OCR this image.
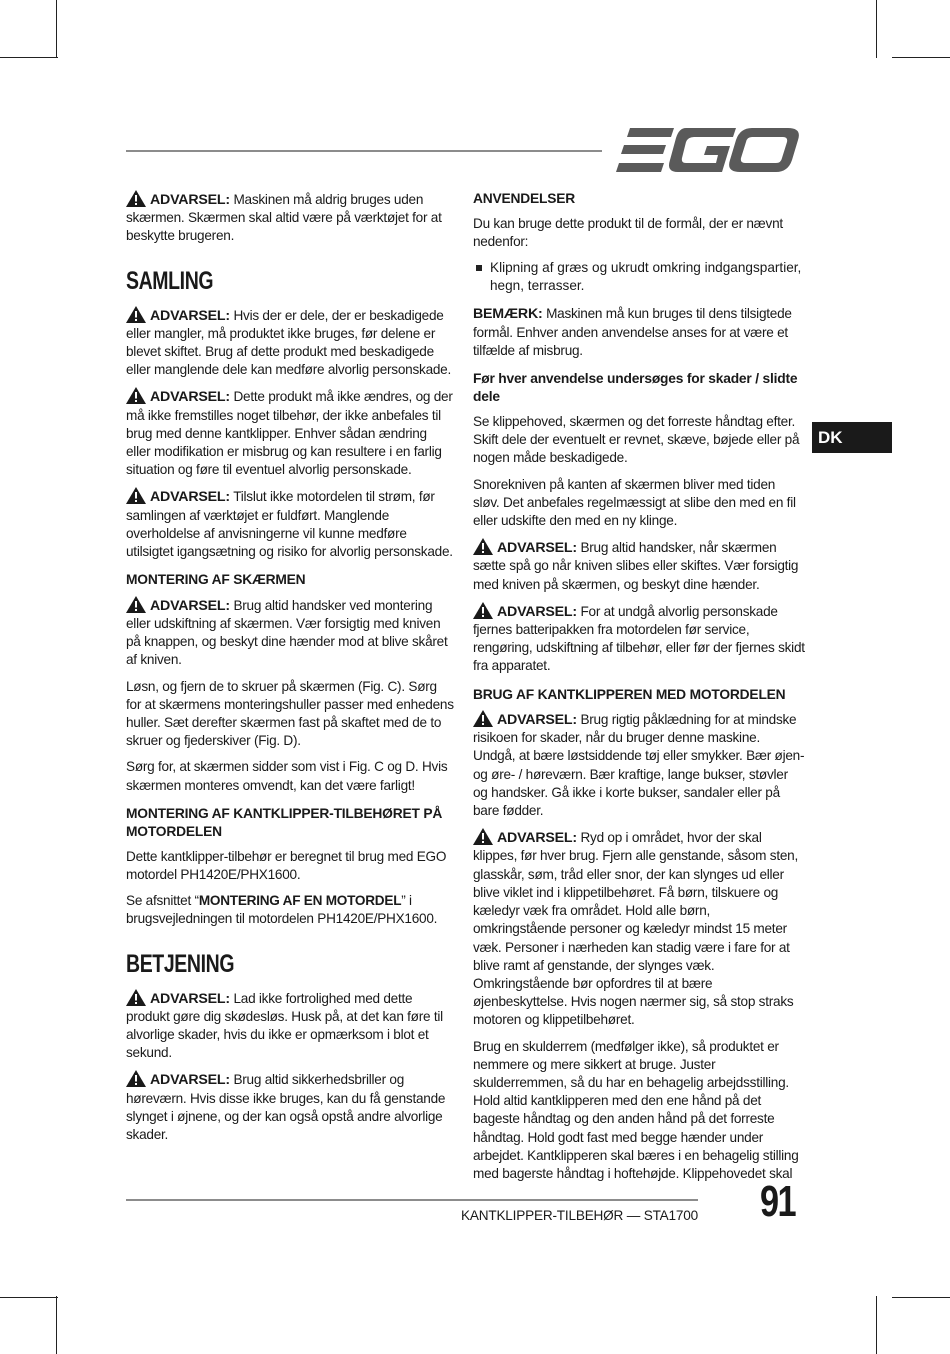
DK

ADVARSEL: Maskinen må aldrig bruges uden skærmen. Skærmen skal altid være på værktøjet for at beskytte brugeren.

SAMLING

ADVARSEL: Hvis der er dele, der er beskadigede eller mangler, må produktet ikke bruges, før delene er blevet skiftet. Brug af dette produkt med beskadigede eller manglende dele kan medføre alvorlig personskade.

ADVARSEL: Dette produkt må ikke ændres, og der må ikke fremstilles noget tilbehør, der ikke anbefales til brug med denne kantklipper. Enhver sådan ændring eller modifikation er misbrug og kan resultere i en farlig situation og føre til eventuel alvorlig personskade.

ADVARSEL: Tilslut ikke motordelen til strøm, før samlingen af værktøjet er fuldført. Manglende overholdelse af anvisningerne vil kunne medføre utilsigtet igangsætning og risiko for alvorlig personskade.

MONTERING AF SKÆRMEN

ADVARSEL: Brug altid handsker ved montering eller udskiftning af skærmen. Vær forsigtig med kniven på knappen, og beskyt dine hænder mod at blive skåret af kniven.

Løsn, og fjern de to skruer på skærmen (Fig. C). Sørg for at skærmens monteringshuller passer med enhedens huller. Sæt derefter skærmen fast på skaftet med de to skruer og fjederskiver (Fig. D).

Sørg for, at skærmen sidder som vist i Fig. C og D. Hvis skærmen monteres omvendt, kan det være farligt!

MONTERING AF KANTKLIPPER-TILBEHØRET PÅ MOTORDELEN

Dette kantklipper-tilbehør er beregnet til brug med EGO motordel PH1420E/PHX1600.

Se afsnittet “MONTERING AF EN MOTORDEL” i brugsvejledningen til motordelen PH1420E/PHX1600.

BETJENING

ADVARSEL: Lad ikke fortrolighed med dette produkt gøre dig skødesløs. Husk på, at det kan føre til alvorlige skader, hvis du ikke er opmærksom i blot et sekund.

ADVARSEL: Brug altid sikkerhedsbriller og høreværn. Hvis disse ikke bruges, kan du få genstande slynget i øjnene, og der kan også opstå andre alvorlige skader.

ANVENDELSER

Du kan bruge dette produkt til de formål, der er nævnt nedenfor:

Klipning af græs og ukrudt omkring indgangspartier, hegn, terrasser.

BEMÆRK: Maskinen må kun bruges til dens tilsigtede formål. Enhver anden anvendelse anses for at være et tilfælde af misbrug.

Før hver anvendelse undersøges for skader / slidte dele

Se klippehoved, skærmen og det forreste håndtag efter. Skift dele der eventuelt er revnet, skæve, bøjede eller på nogen måde beskadigede.

Snorekniven på kanten af skærmen bliver med tiden sløv. Det anbefales regelmæssigt at slibe den med en fil eller udskifte den med en ny klinge.

ADVARSEL: Brug altid handsker, når skærmen sætte spå go når kniven slibes eller skiftes. Vær forsigtig med kniven på skærmen, og beskyt dine hænder.

ADVARSEL: For at undgå alvorlig personskade fjernes batteripakken fra motordelen før service, rengøring, udskiftning af tilbehør, eller før der fjernes skidt fra apparatet.

BRUG AF KANTKLIPPEREN MED MOTORDELEN

ADVARSEL: Brug rigtig påklædning for at mindske risikoen for skader, når du bruger denne maskine. Undgå, at bære løstsiddende tøj eller smykker. Bær øjen- og øre- / høreværn. Bær kraftige, lange bukser, støvler og handsker. Gå ikke i korte bukser, sandaler eller på bare fødder.

ADVARSEL: Ryd op i området, hvor der skal klippes, før hver brug. Fjern alle genstande, såsom sten, glasskår, søm, tråd eller snor, der kan slynges ud eller blive viklet ind i klippetilbehøret. Få børn, tilskuere og kæledyr væk fra området. Hold alle børn, omkringstående personer og kæledyr mindst 15 meter væk. Personer i nærheden kan stadig være i fare for at blive ramt af genstande, der slynges væk. Omkringstående bør opfordres til at bære øjenbeskyttelse. Hvis nogen nærmer sig, så stop straks motoren og klippetilbehøret.

Brug en skulderrem (medfølger ikke), så produktet er nemmere og mere sikkert at bruge. Juster skulderremmen, så du har en behagelig arbejdsstilling. Hold altid kantklipperen med den ene hånd på det bageste håndtag og den anden hånd på det forreste håndtag. Hold godt fast med begge hænder under arbejdet. Kantklipperen skal bæres i en behagelig stilling med bagerste håndtag i hoftehøjde. Klippehovedet skal

KANTKLIPPER-TILBEHØR — STA1700 91
